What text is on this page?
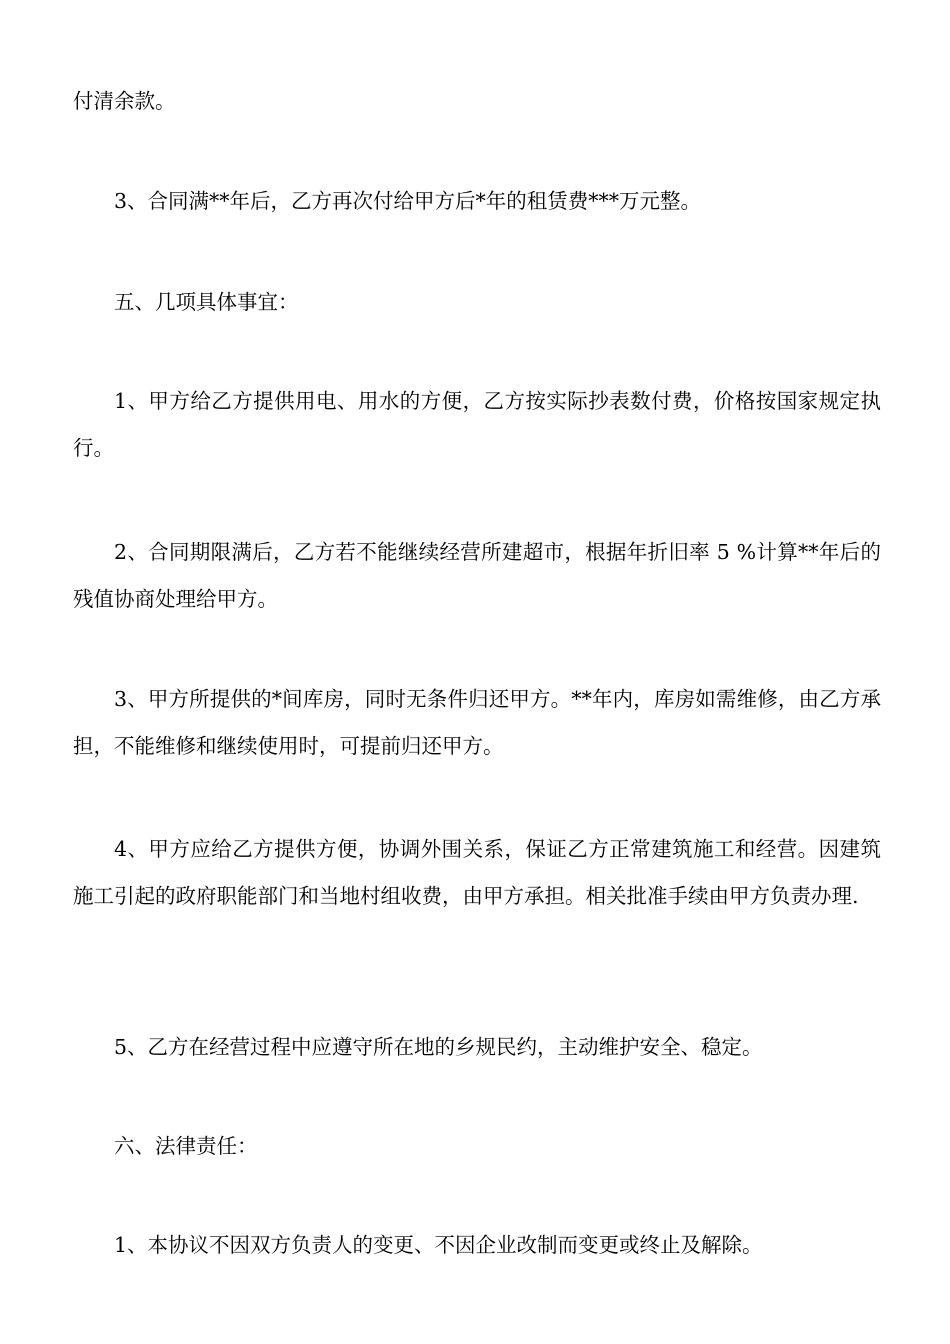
付清余款。

3、合同满**年后，乙方再次付给甲方后*年的租赁费***万元整。

五、几项具体事宜：

1、甲方给乙方提供用电、用水的方便，乙方按实际抄表数付费，价格按国家规定执行。

2、合同期限满后，乙方若不能继续经营所建超市，根据年折旧率 5 %计算**年后的残值协商处理给甲方。

3、甲方所提供的*间库房，同时无条件归还甲方。**年内，库房如需维修，由乙方承担，不能维修和继续使用时，可提前归还甲方。

4、甲方应给乙方提供方便，协调外围关系，保证乙方正常建筑施工和经营。因建筑施工引起的政府职能部门和当地村组收费，由甲方承担。相关批准手续由甲方负责办理.

5、乙方在经营过程中应遵守所在地的乡规民约，主动维护安全、稳定。

六、法律责任：

1、本协议不因双方负责人的变更、不因企业改制而变更或终止及解除。
